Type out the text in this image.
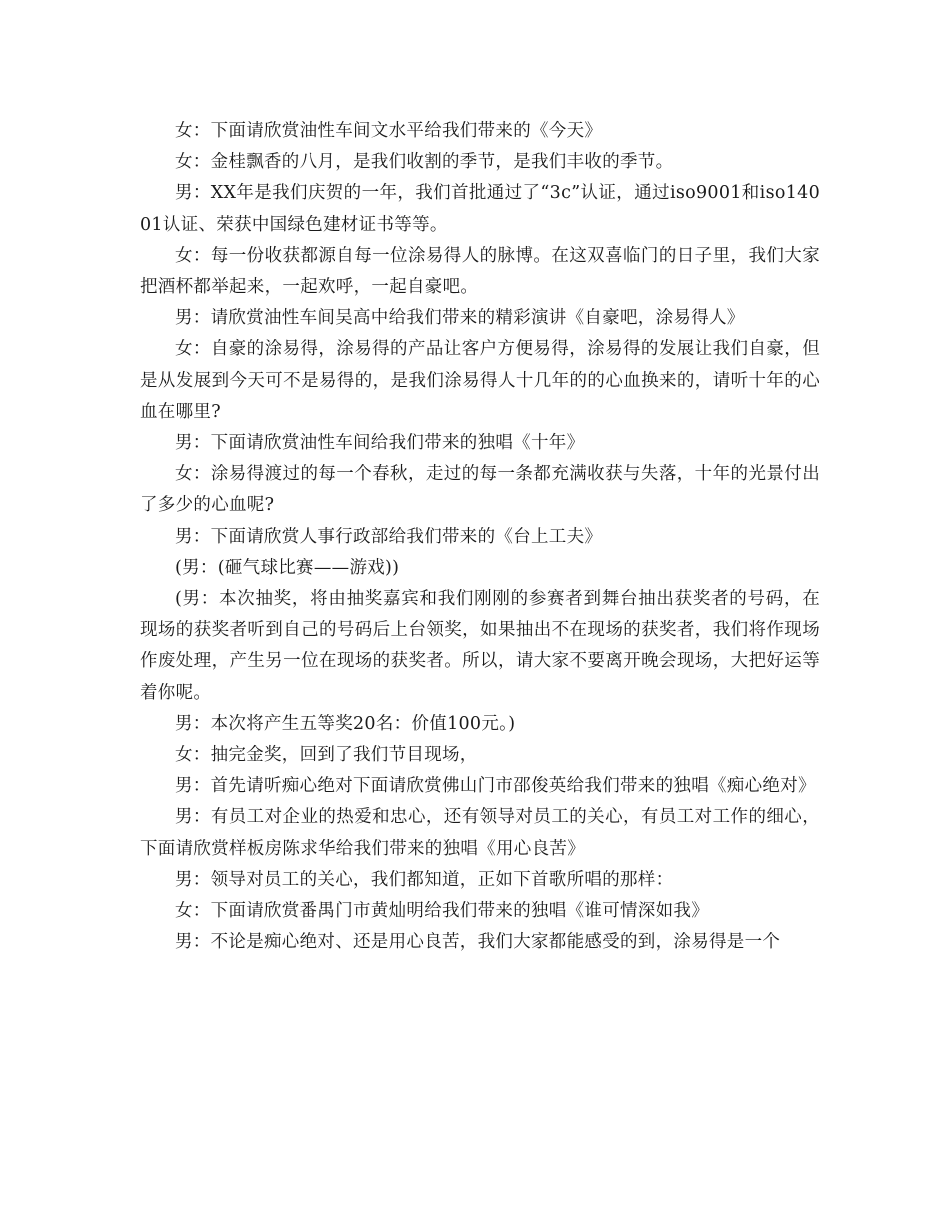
女：下面请欣赏油性车间文水平给我们带来的《今天》

女：金桂飘香的八月，是我们收割的季节，是我们丰收的季节。

男：XX年是我们庆贺的一年，我们首批通过了“3c”认证，通过iso9001和iso14001认证、荣获中国绿色建材证书等等。

女：每一份收获都源自每一位涂易得人的脉博。在这双喜临门的日子里，我们大家把酒杯都举起来，一起欢呼，一起自豪吧。

男：请欣赏油性车间吴高中给我们带来的精彩演讲《自豪吧，涂易得人》

女：自豪的涂易得，涂易得的产品让客户方便易得，涂易得的发展让我们自豪，但是从发展到今天可不是易得的，是我们涂易得人十几年的的心血换来的，请听十年的心血在哪里?

男：下面请欣赏油性车间给我们带来的独唱《十年》

女：涂易得渡过的每一个春秋，走过的每一条都充满收获与失落，十年的光景付出了多少的心血呢?

男：下面请欣赏人事行政部给我们带来的《台上工夫》

(男：(砸气球比赛——游戏))

(男：本次抽奖，将由抽奖嘉宾和我们刚刚的参赛者到舞台抽出获奖者的号码，在现场的获奖者听到自己的号码后上台领奖，如果抽出不在现场的获奖者，我们将作现场作废处理，产生另一位在现场的获奖者。所以，请大家不要离开晚会现场，大把好运等着你呢。

男：本次将产生五等奖20名：价值100元。)

女：抽完金奖，回到了我们节目现场，

男：首先请听痴心绝对下面请欣赏佛山门市邵俊英给我们带来的独唱《痴心绝对》

男：有员工对企业的热爱和忠心，还有领导对员工的关心，有员工对工作的细心，下面请欣赏样板房陈求华给我们带来的独唱《用心良苦》

男：领导对员工的关心，我们都知道，正如下首歌所唱的那样：

女：下面请欣赏番禺门市黄灿明给我们带来的独唱《谁可情深如我》

男：不论是痴心绝对、还是用心良苦，我们大家都能感受的到，涂易得是一个
